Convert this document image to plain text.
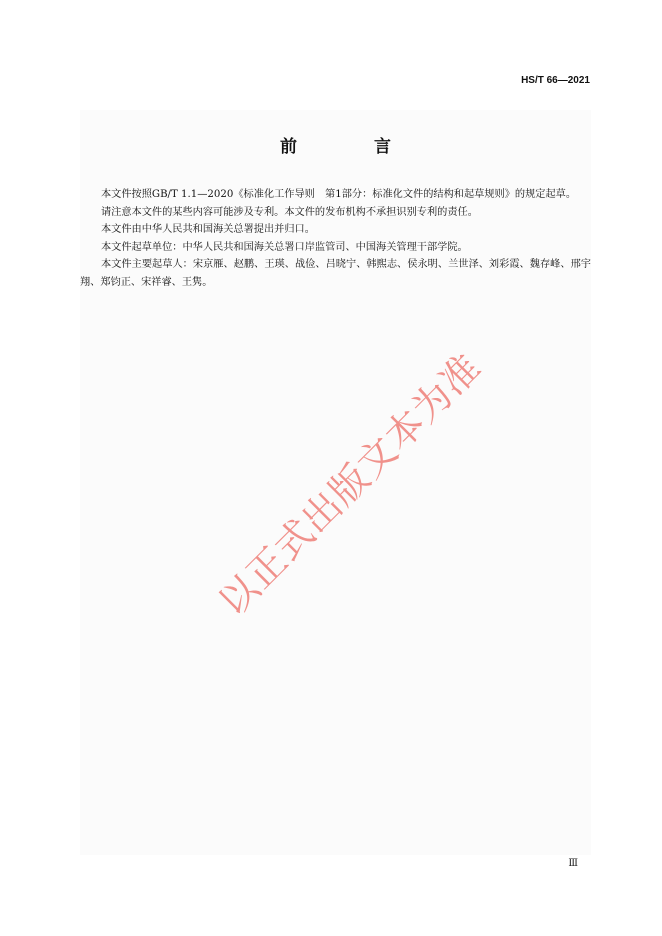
HS/T 66—2021
前　言

本文件按照GB/T 1.1—2020《标准化工作导则　第1部分：标准化文件的结构和起草规则》的规定起草。

请注意本文件的某些内容可能涉及专利。本文件的发布机构不承担识别专利的责任。

本文件由中华人民共和国海关总署提出并归口。

本文件起草单位：中华人民共和国海关总署口岸监管司、中国海关管理干部学院。

本文件主要起草人：宋京雁、赵鹏、王瑛、战俭、吕晓宁、韩熙志、侯永明、兰世泽、刘彩霞、魏存峰、邢宇翔、郑钧正、宋祥睿、王隽。

以正式出版文本为准
Ⅲ
